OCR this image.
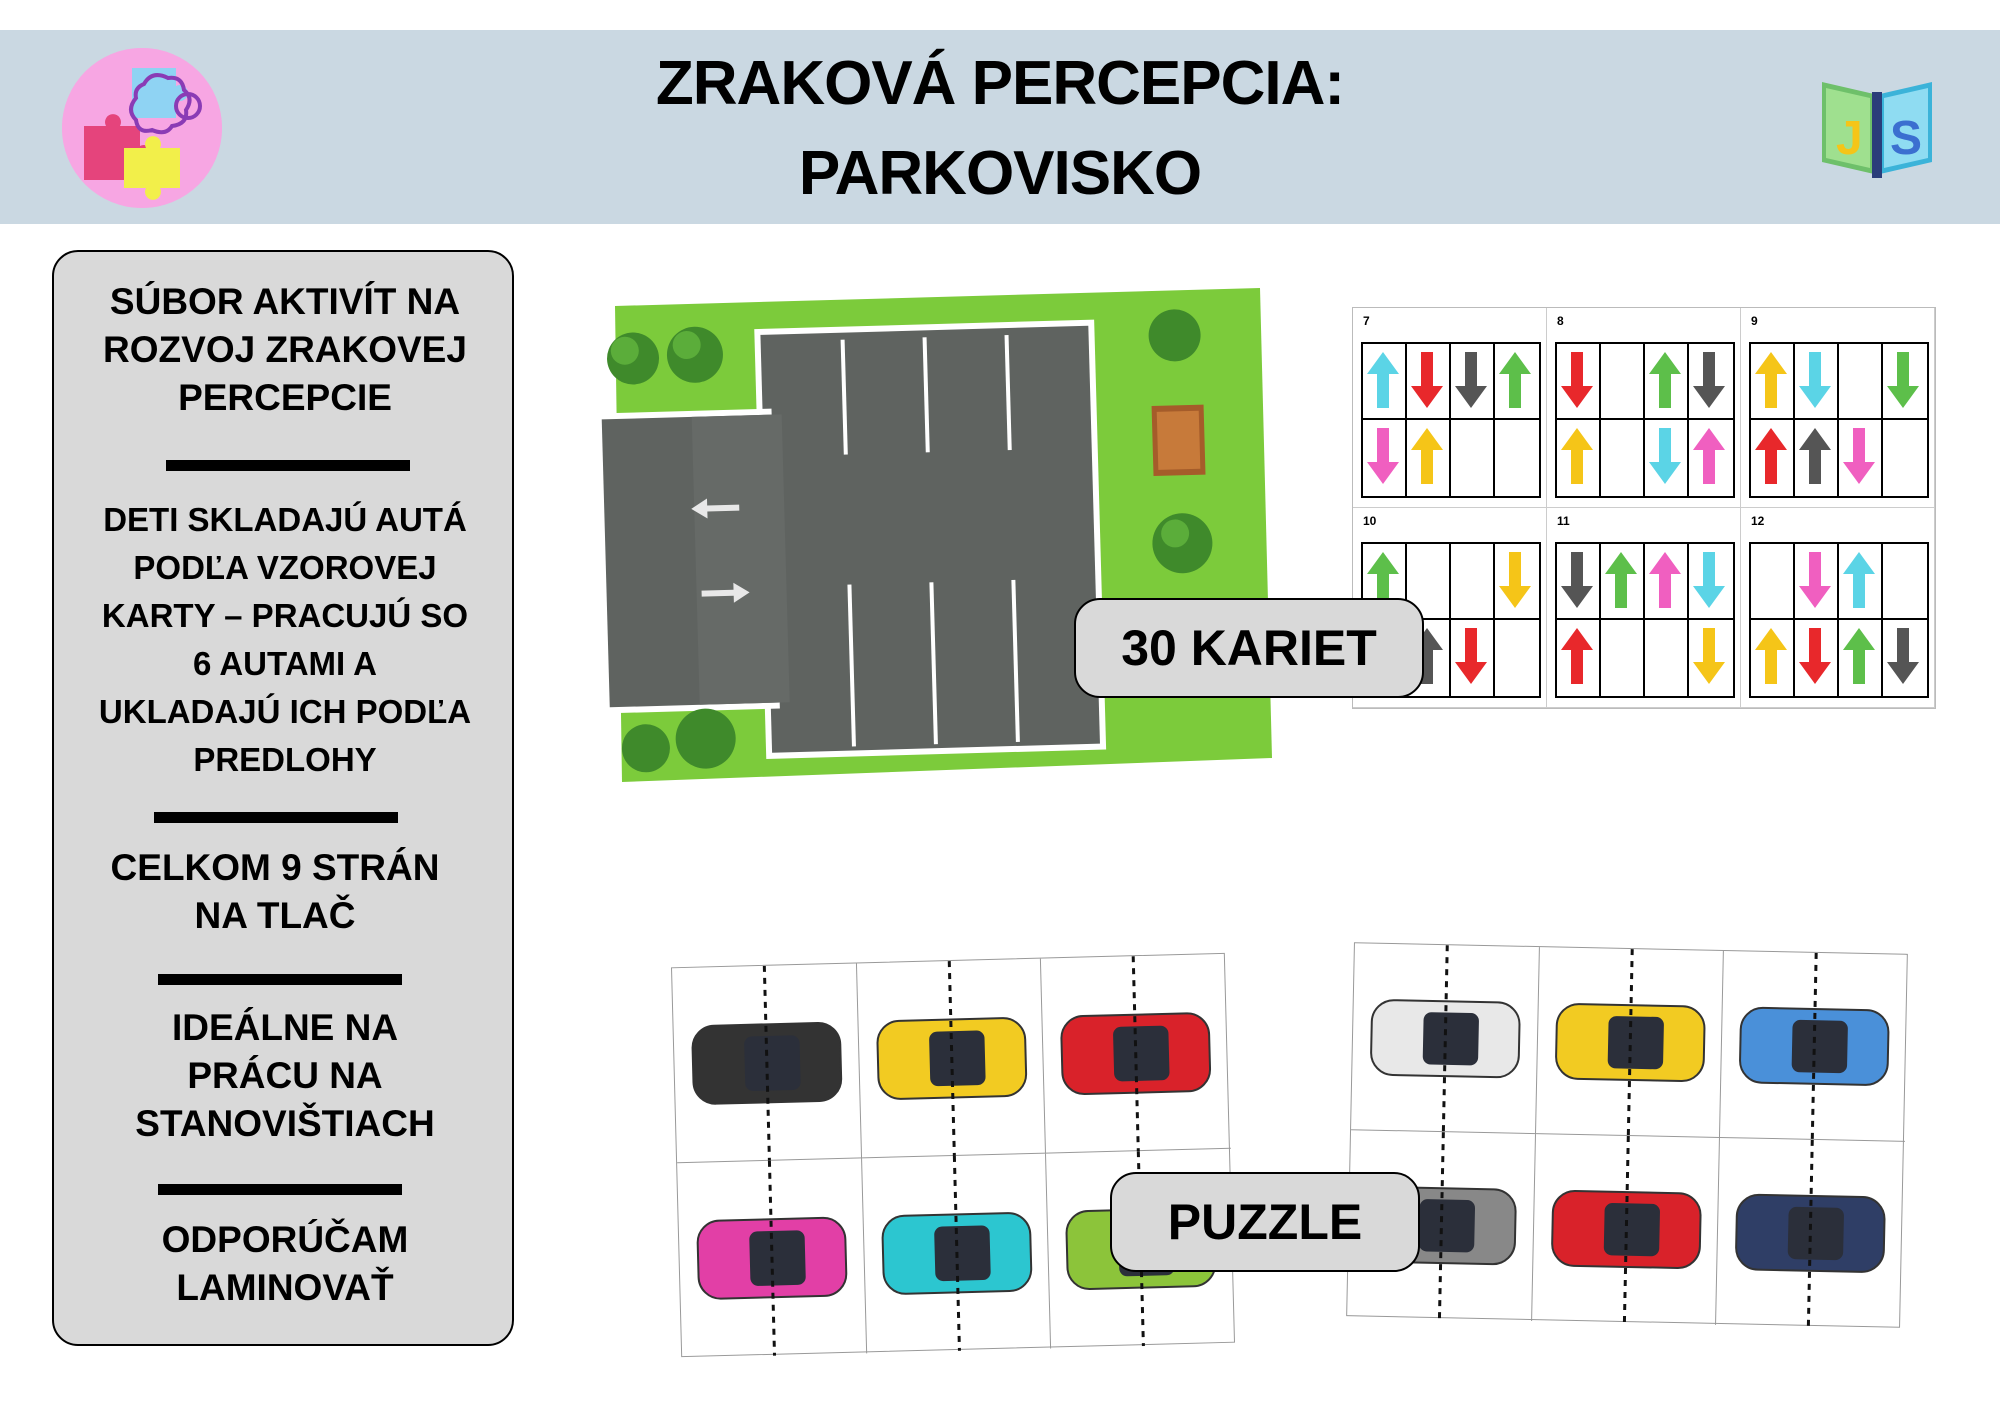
J S
ZRAKOVÁ PERCEPCIA:
PARKOVISKO
SÚBOR AKTIVÍT NA
ROZVOJ ZRAKOVEJ
PERCEPCIE
DETI SKLADAJÚ AUTÁ
PODĽA VZOROVEJ
KARTY – PRACUJÚ SO
6 AUTAMI A
UKLADAJÚ ICH PODĽA
PREDLOHY
CELKOM 9 STRÁN
NA TLAČ
IDEÁLNE NA
PRÁCU NA
STANOVIŠTIACH
ODPORÚČAM
LAMINOVAŤ
7	8	9
10	11	12
30 KARIET
PUZZLE
